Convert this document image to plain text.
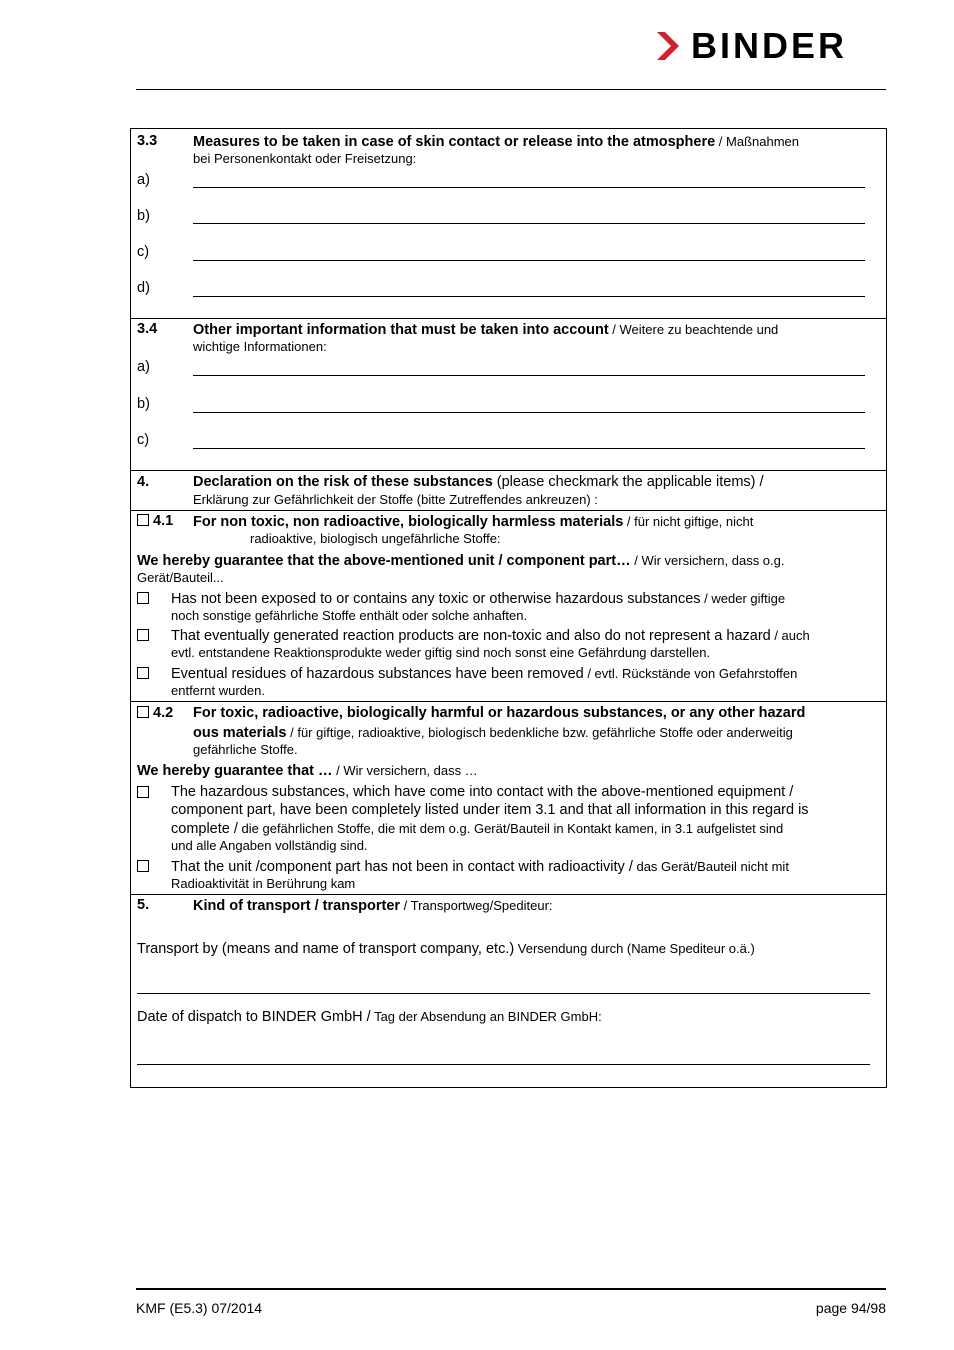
BINDER
3.3 Measures to be taken in case of skin contact or release into the atmosphere / Maßnahmen
bei Personenkontakt oder Freisetzung:
a)
b)
c)
d)
3.4 Other important information that must be taken into account / Weitere zu beachtende und
wichtige Informationen:
a)
b)
c)
4.	Declaration on the risk of these substances (please checkmark the applicable items) /
Erklärung zur Gefährlichkeit der Stoffe (bitte Zutreffendes ankreuzen) :
4.1 For non toxic, non radioactive, biologically harmless materials / für nicht giftige, nicht
radioaktive, biologisch ungefährliche Stoffe:
We hereby guarantee that the above-mentioned unit / component part… / Wir versichern, dass o.g.
Gerät/Bauteil...
Has not been exposed to or contains any toxic or otherwise hazardous substances / weder giftige
noch sonstige gefährliche Stoffe enthält oder solche anhaften.
That eventually generated reaction products are non-toxic and also do not represent a hazard / auch
evtl. entstandene Reaktionsprodukte weder giftig sind noch sonst eine Gefährdung darstellen.
Eventual residues of hazardous substances have been removed / evtl. Rückstände von Gefahrstoffen
entfernt wurden.
4.2 For toxic, radioactive, biologically harmful or hazardous substances, or any other hazard
ous materials / für giftige, radioaktive, biologisch bedenkliche bzw. gefährliche Stoffe oder anderweitig
gefährliche Stoffe.
We hereby guarantee that … / Wir versichern, dass …
The hazardous substances, which have come into contact with the above-mentioned equipment /
component part, have been completely listed under item 3.1 and that all information in this regard is
complete / die gefährlichen Stoffe, die mit dem o.g. Gerät/Bauteil in Kontakt kamen, in 3.1 aufgelistet sind
und alle Angaben vollständig sind.
That the unit /component part has not been in contact with radioactivity / das Gerät/Bauteil nicht mit
Radioaktivität in Berührung kam
5.	Kind of transport / transporter / Transportweg/Spediteur:
Transport by (means and name of transport company, etc.) Versendung durch (Name Spediteur o.ä.)
Date of dispatch to BINDER GmbH / Tag der Absendung an BINDER GmbH:
KMF (E5.3) 07/2014	page 94/98
